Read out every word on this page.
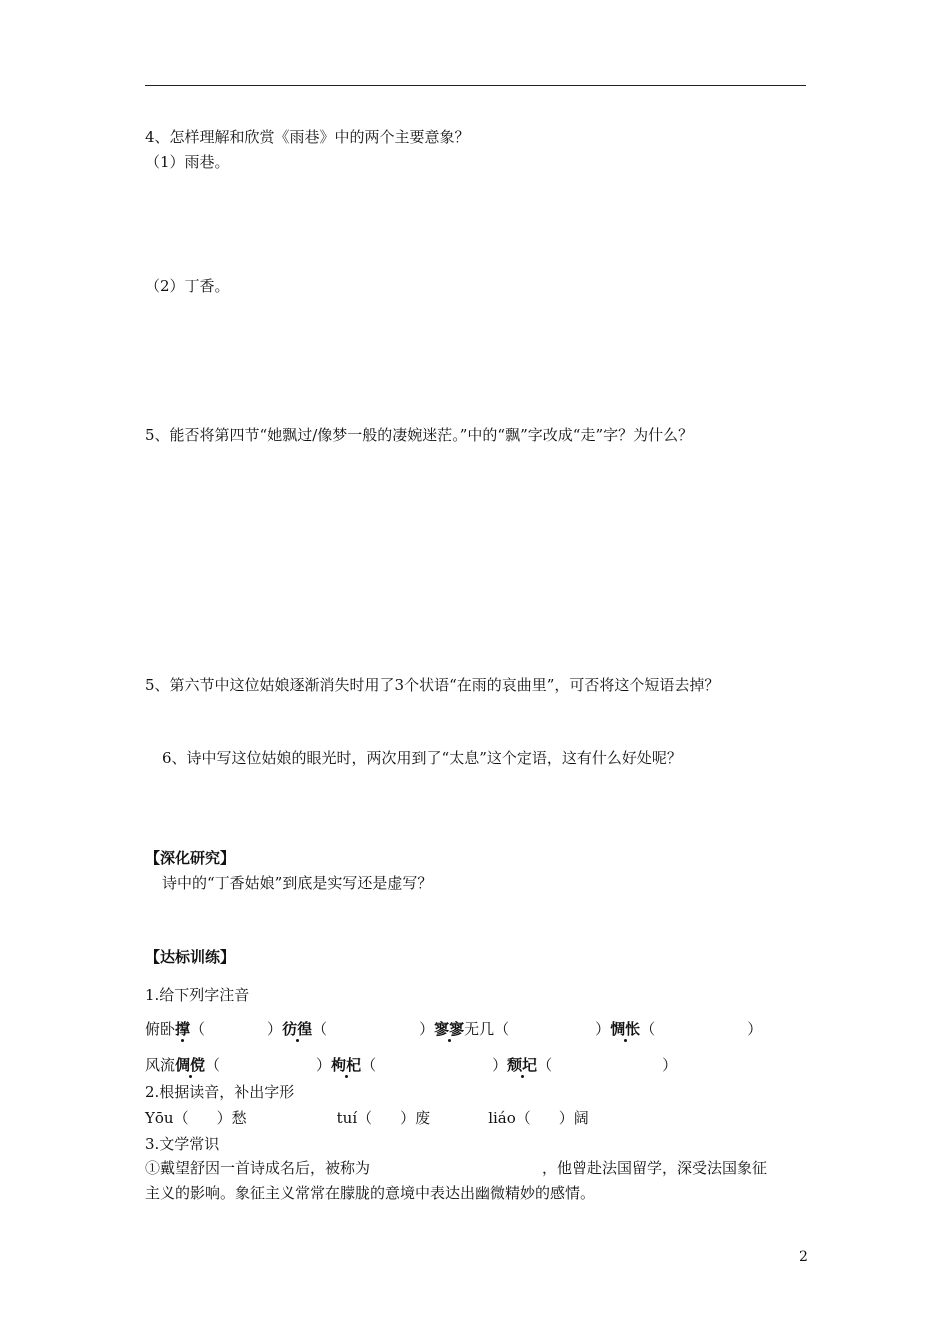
4、怎样理解和欣赏《雨巷》中的两个主要意象？
（1）雨巷。
（2）丁香。
5、能否将第四节“她飘过/像梦一般的凄婉迷茫。”中的“飘”字改成“走”字？为什么？
5、第六节中这位姑娘逐渐消失时用了3个状语“在雨的哀曲里”，可否将这个短语去掉？
6、诗中写这位姑娘的眼光时，两次用到了“太息”这个定语，这有什么好处呢？
【深化研究】
诗中的“丁香姑娘”到底是实写还是虚写？
【达标训练】
1.给下列字注音
俯卧撑（	）彷徨（	）寥寥无几（	）惆怅（	）
风流倜傥（	）枸杞（	）颓圮（	）
2.根据读音，补出字形
Yōu（ ）愁	tuí（ ）废	liáo（ ）阔
3.文学常识
①戴望舒因一首诗成名后，被称为	，他曾赴法国留学，深受法国象征
主义的影响。象征主义常常在朦胧的意境中表达出幽微精妙的感情。
2
